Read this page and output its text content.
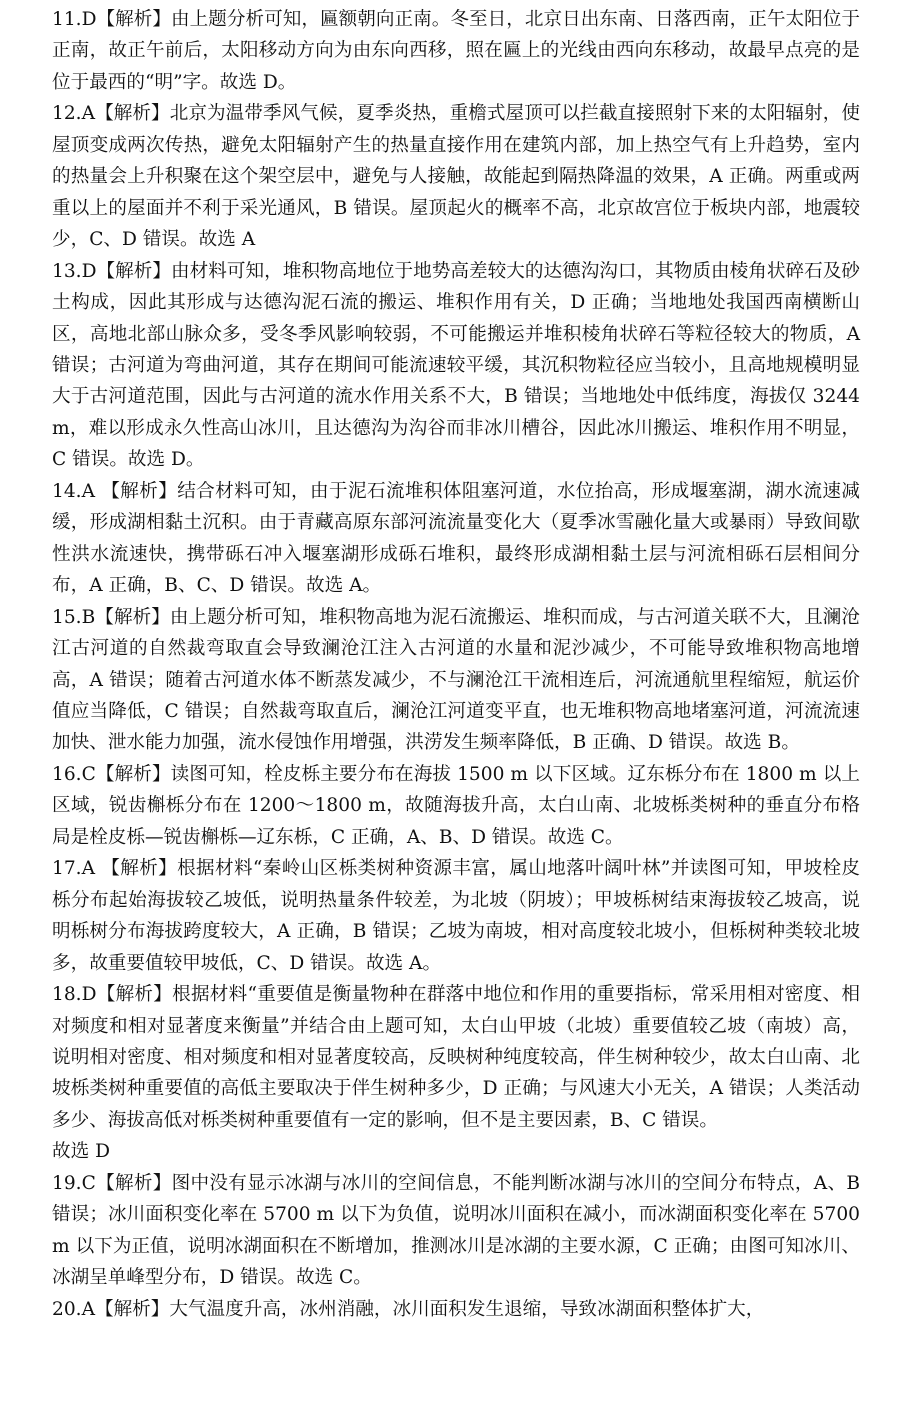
11.D【解析】由上题分析可知，匾额朝向正南。冬至日，北京日出东南、日落西南，正午太阳位于正南，故正午前后，太阳移动方向为由东向西移，照在匾上的光线由西向东移动，故最早点亮的是位于最西的“明”字。故选 D。

12.A【解析】北京为温带季风气候，夏季炎热，重檐式屋顶可以拦截直接照射下来的太阳辐射，使屋顶变成两次传热，避免太阳辐射产生的热量直接作用在建筑内部，加上热空气有上升趋势，室内的热量会上升积聚在这个架空层中，避免与人接触，故能起到隔热降温的效果，A 正确。两重或两重以上的屋面并不利于采光通风，B 错误。屋顶起火的概率不高，北京故宫位于板块内部，地震较少，C、D 错误。故选 A

13.D【解析】由材料可知，堆积物高地位于地势高差较大的达德沟沟口，其物质由棱角状碎石及砂土构成，因此其形成与达德沟泥石流的搬运、堆积作用有关，D 正确；当地地处我国西南横断山区，高地北部山脉众多，受冬季风影响较弱，不可能搬运并堆积棱角状碎石等粒径较大的物质，A 错误；古河道为弯曲河道，其存在期间可能流速较平缓，其沉积物粒径应当较小，且高地规模明显大于古河道范围，因此与古河道的流水作用关系不大，B 错误；当地地处中低纬度，海拔仅 3244 m，难以形成永久性高山冰川，且达德沟为沟谷而非冰川槽谷，因此冰川搬运、堆积作用不明显，C 错误。故选 D。

14.A 【解析】结合材料可知，由于泥石流堆积体阻塞河道，水位抬高，形成堰塞湖，湖水流速减缓，形成湖相黏土沉积。由于青藏高原东部河流流量变化大（夏季冰雪融化量大或暴雨）导致间歇性洪水流速快，携带砾石冲入堰塞湖形成砾石堆积，最终形成湖相黏土层与河流相砾石层相间分布，A 正确，B、C、D 错误。故选 A。

15.B【解析】由上题分析可知，堆积物高地为泥石流搬运、堆积而成，与古河道关联不大，且澜沧江古河道的自然裁弯取直会导致澜沧江注入古河道的水量和泥沙减少，不可能导致堆积物高地增高，A 错误；随着古河道水体不断蒸发减少，不与澜沧江干流相连后，河流通航里程缩短，航运价值应当降低，C 错误；自然裁弯取直后，澜沧江河道变平直，也无堆积物高地堵塞河道，河流流速加快、泄水能力加强，流水侵蚀作用增强，洪涝发生频率降低，B 正确、D 错误。故选 B。

16.C【解析】读图可知，栓皮栎主要分布在海拔 1500 m 以下区域。辽东栎分布在 1800 m 以上区域，锐齿槲栎分布在 1200～1800 m，故随海拔升高，太白山南、北坡栎类树种的垂直分布格局是栓皮栎—锐齿槲栎—辽东栎，C 正确，A、B、D 错误。故选 C。

17.A 【解析】根据材料“秦岭山区栎类树种资源丰富，属山地落叶阔叶林”并读图可知，甲坡栓皮栎分布起始海拔较乙坡低，说明热量条件较差，为北坡（阴坡）；甲坡栎树结束海拔较乙坡高，说明栎树分布海拔跨度较大，A 正确，B 错误；乙坡为南坡，相对高度较北坡小，但栎树种类较北坡多，故重要值较甲坡低，C、D 错误。故选 A。

18.D【解析】根据材料“重要值是衡量物种在群落中地位和作用的重要指标，常采用相对密度、相对频度和相对显著度来衡量”并结合由上题可知，太白山甲坡（北坡）重要值较乙坡（南坡）高，说明相对密度、相对频度和相对显著度较高，反映树种纯度较高，伴生树种较少，故太白山南、北坡栎类树种重要值的高低主要取决于伴生树种多少，D 正确；与风速大小无关，A 错误；人类活动多少、海拔高低对栎类树种重要值有一定的影响，但不是主要因素，B、C 错误。

故选 D

19.C【解析】图中没有显示冰湖与冰川的空间信息，不能判断冰湖与冰川的空间分布特点，A、B 错误；冰川面积变化率在 5700 m 以下为负值，说明冰川面积在减小，而冰湖面积变化率在 5700 m 以下为正值，说明冰湖面积在不断增加，推测冰川是冰湖的主要水源，C 正确；由图可知冰川、冰湖呈单峰型分布，D 错误。故选 C。

20.A【解析】大气温度升高，冰州消融，冰川面积发生退缩，导致冰湖面积整体扩大，
